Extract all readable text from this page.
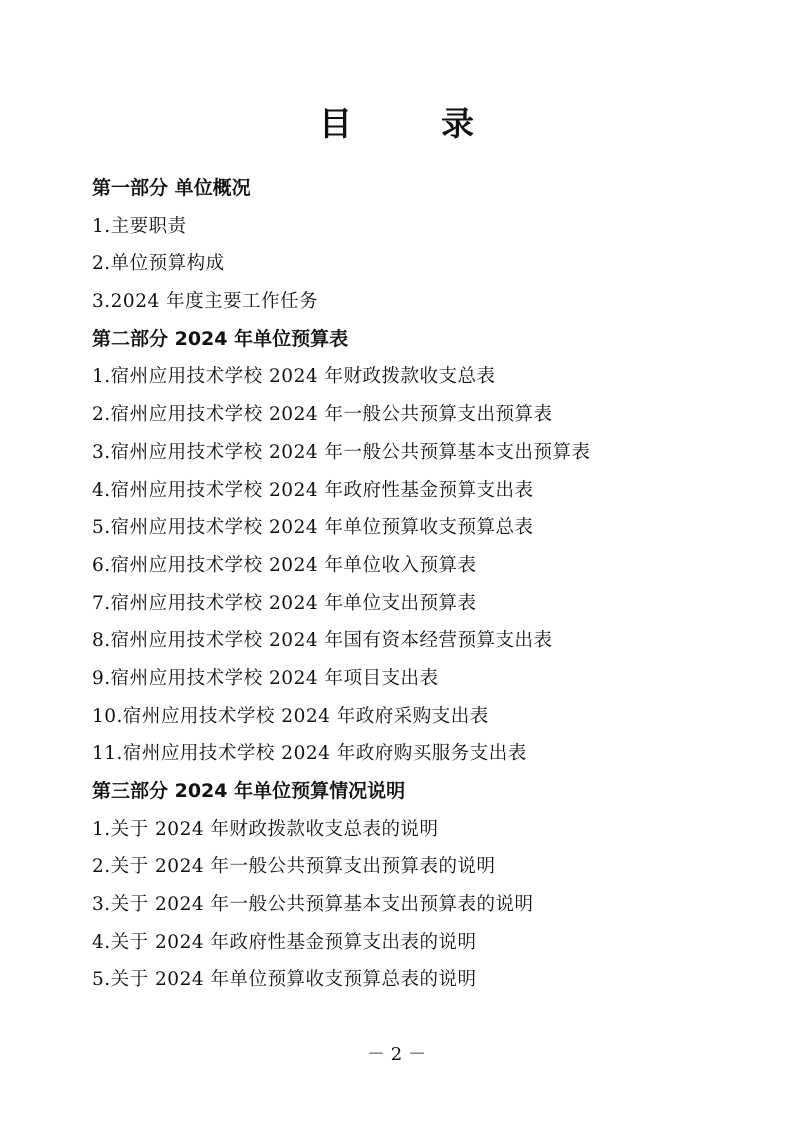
目　录
第一部分 单位概况
1.主要职责
2.单位预算构成
3.2024 年度主要工作任务
第二部分 2024 年单位预算表
1.宿州应用技术学校 2024 年财政拨款收支总表
2.宿州应用技术学校 2024 年一般公共预算支出预算表
3.宿州应用技术学校 2024 年一般公共预算基本支出预算表
4.宿州应用技术学校 2024 年政府性基金预算支出表
5.宿州应用技术学校 2024 年单位预算收支预算总表
6.宿州应用技术学校 2024 年单位收入预算表
7.宿州应用技术学校 2024 年单位支出预算表
8.宿州应用技术学校 2024 年国有资本经营预算支出表
9.宿州应用技术学校 2024 年项目支出表
10.宿州应用技术学校 2024 年政府采购支出表
11.宿州应用技术学校 2024 年政府购买服务支出表
第三部分 2024 年单位预算情况说明
1.关于 2024 年财政拨款收支总表的说明
2.关于 2024 年一般公共预算支出预算表的说明
3.关于 2024 年一般公共预算基本支出预算表的说明
4.关于 2024 年政府性基金预算支出表的说明
5.关于 2024 年单位预算收支预算总表的说明
－ 2 －
